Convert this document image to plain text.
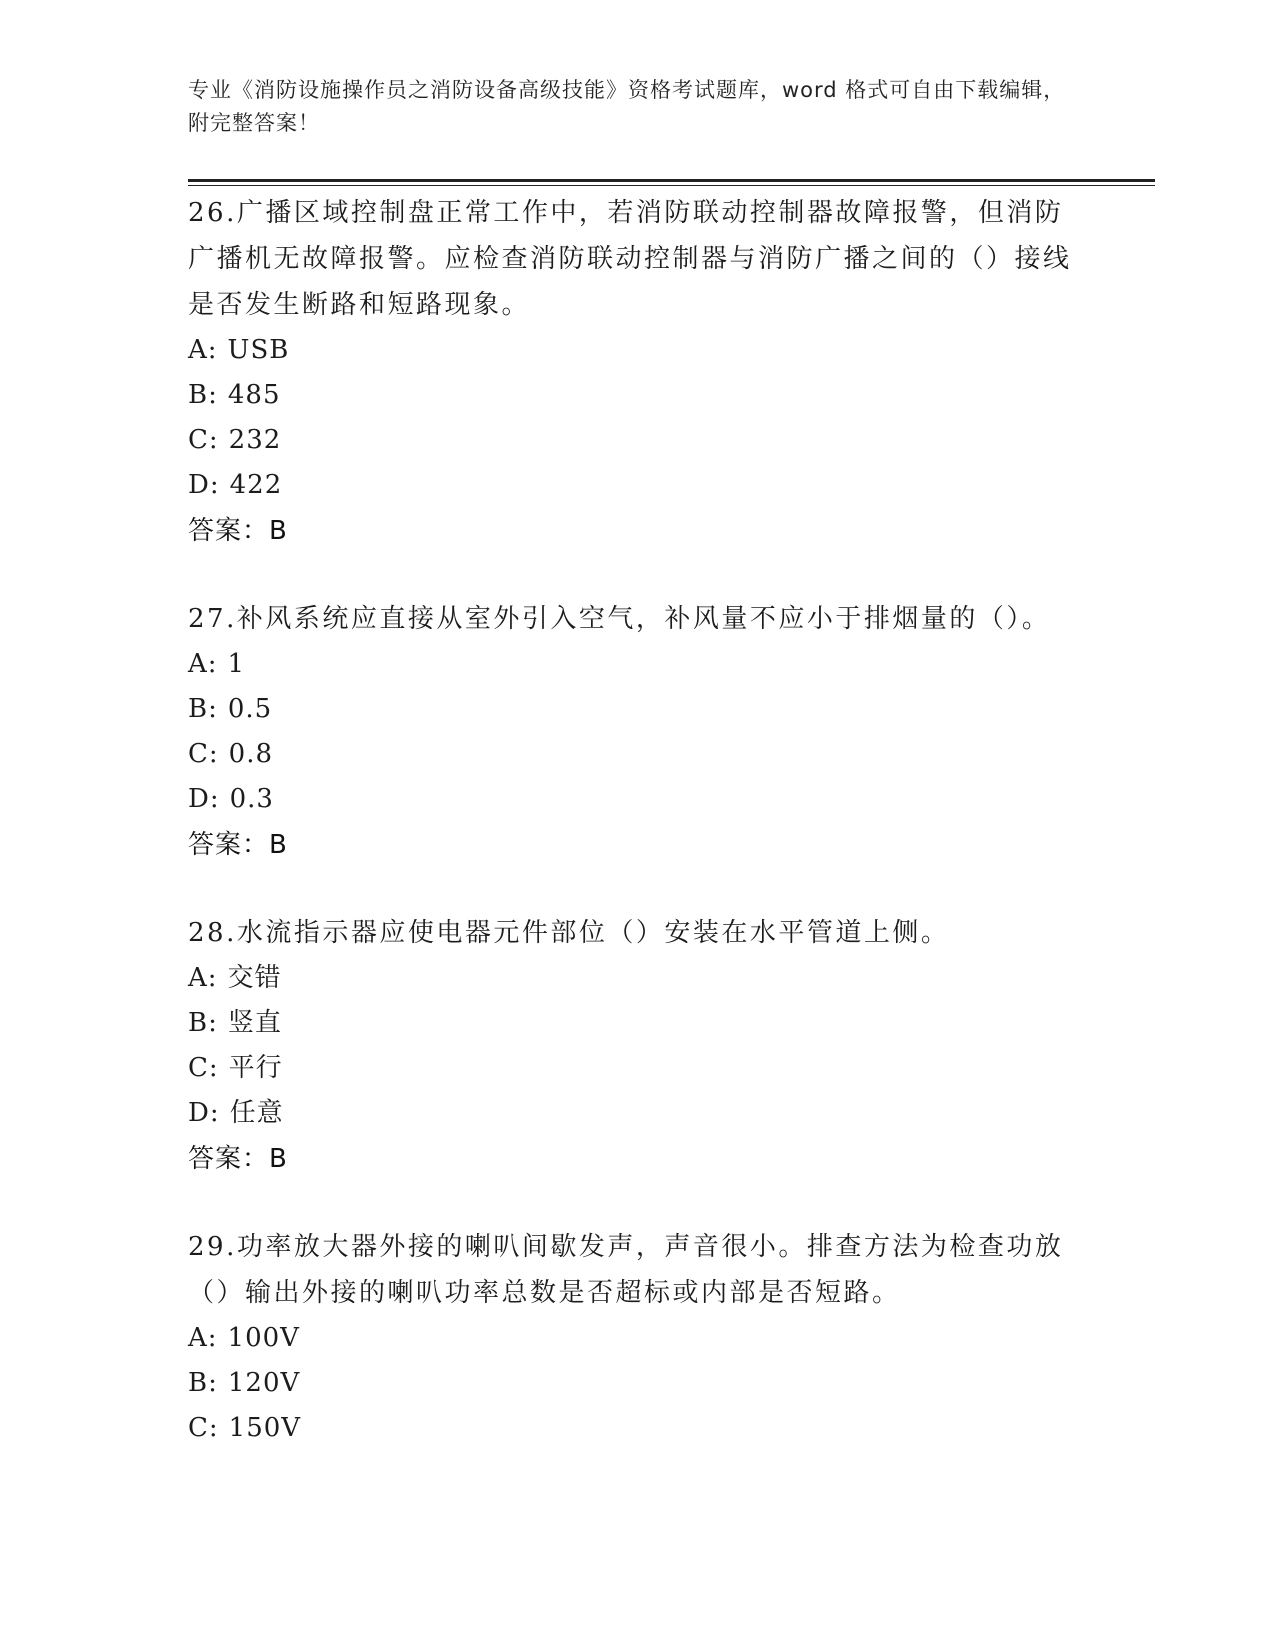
专业《消防设施操作员之消防设备高级技能》资格考试题库，word 格式可自由下载编辑，附完整答案！
26.广播区域控制盘正常工作中，若消防联动控制器故障报警，但消防广播机无故障报警。应检查消防联动控制器与消防广播之间的（）接线是否发生断路和短路现象。
A: USB
B: 485
C: 232
D: 422
答案：B
27.补风系统应直接从室外引入空气，补风量不应小于排烟量的（）。
A: 1
B: 0.5
C: 0.8
D: 0.3
答案：B
28.水流指示器应使电器元件部位（）安装在水平管道上侧。
A: 交错
B: 竖直
C: 平行
D: 任意
答案：B
29.功率放大器外接的喇叭间歇发声，声音很小。排查方法为检查功放（）输出外接的喇叭功率总数是否超标或内部是否短路。
A: 100V
B: 120V
C: 150V
